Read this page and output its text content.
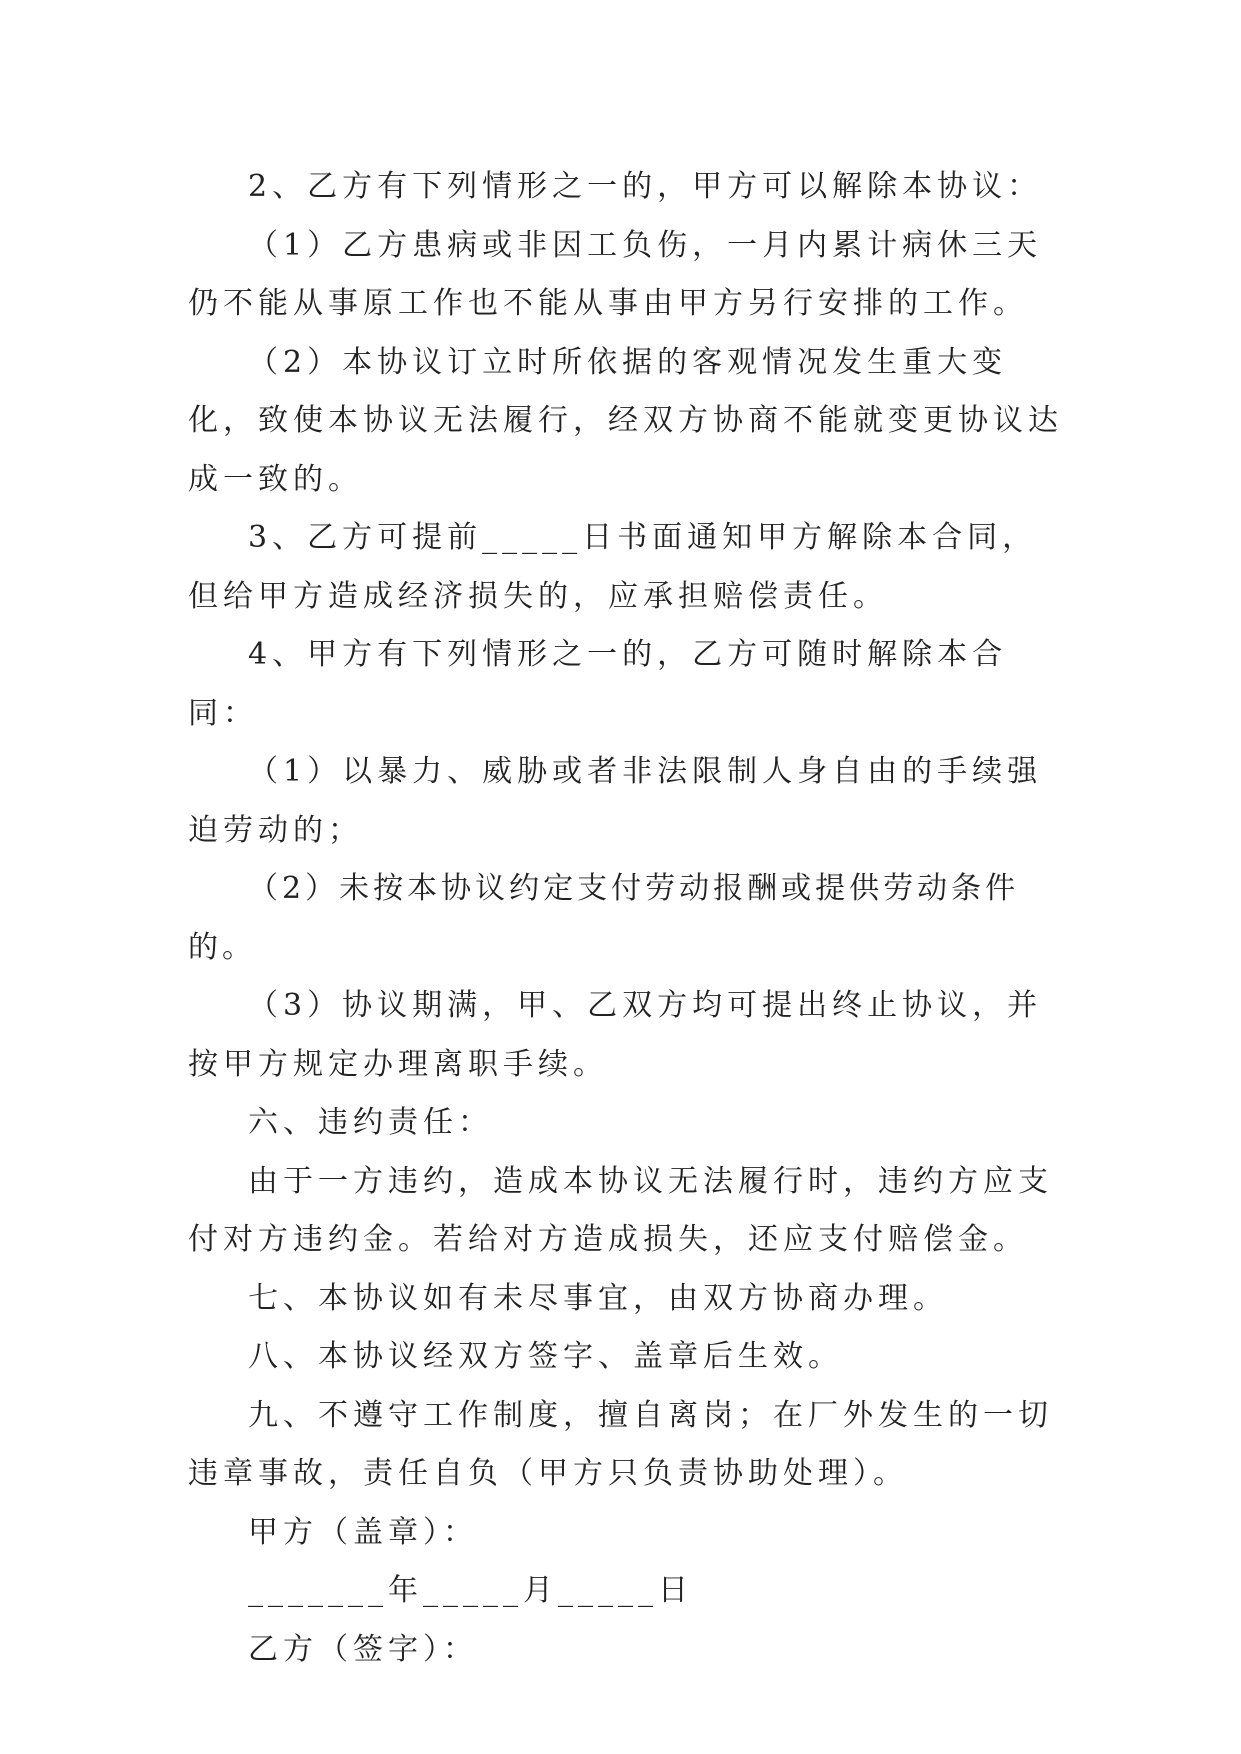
2、乙方有下列情形之一的，甲方可以解除本协议：

（1）乙方患病或非因工负伤，一月内累计病休三天仍不能从事原工作也不能从事由甲方另行安排的工作。

（2）本协议订立时所依据的客观情况发生重大变化，致使本协议无法履行，经双方协商不能就变更协议达成一致的。

3、乙方可提前_____日书面通知甲方解除本合同，但给甲方造成经济损失的，应承担赔偿责任。

4、甲方有下列情形之一的，乙方可随时解除本合同：

（1）以暴力、威胁或者非法限制人身自由的手续强迫劳动的；

（2）未按本协议约定支付劳动报酬或提供劳动条件的。

（3）协议期满，甲、乙双方均可提出终止协议，并按甲方规定办理离职手续。

六、违约责任：

由于一方违约，造成本协议无法履行时，违约方应支付对方违约金。若给对方造成损失，还应支付赔偿金。

七、本协议如有未尽事宜，由双方协商办理。

八、本协议经双方签字、盖章后生效。

九、不遵守工作制度，擅自离岗；在厂外发生的一切违章事故，责任自负（甲方只负责协助处理）。

甲方（盖章）：

_______年_____月_____日

乙方（签字）：
